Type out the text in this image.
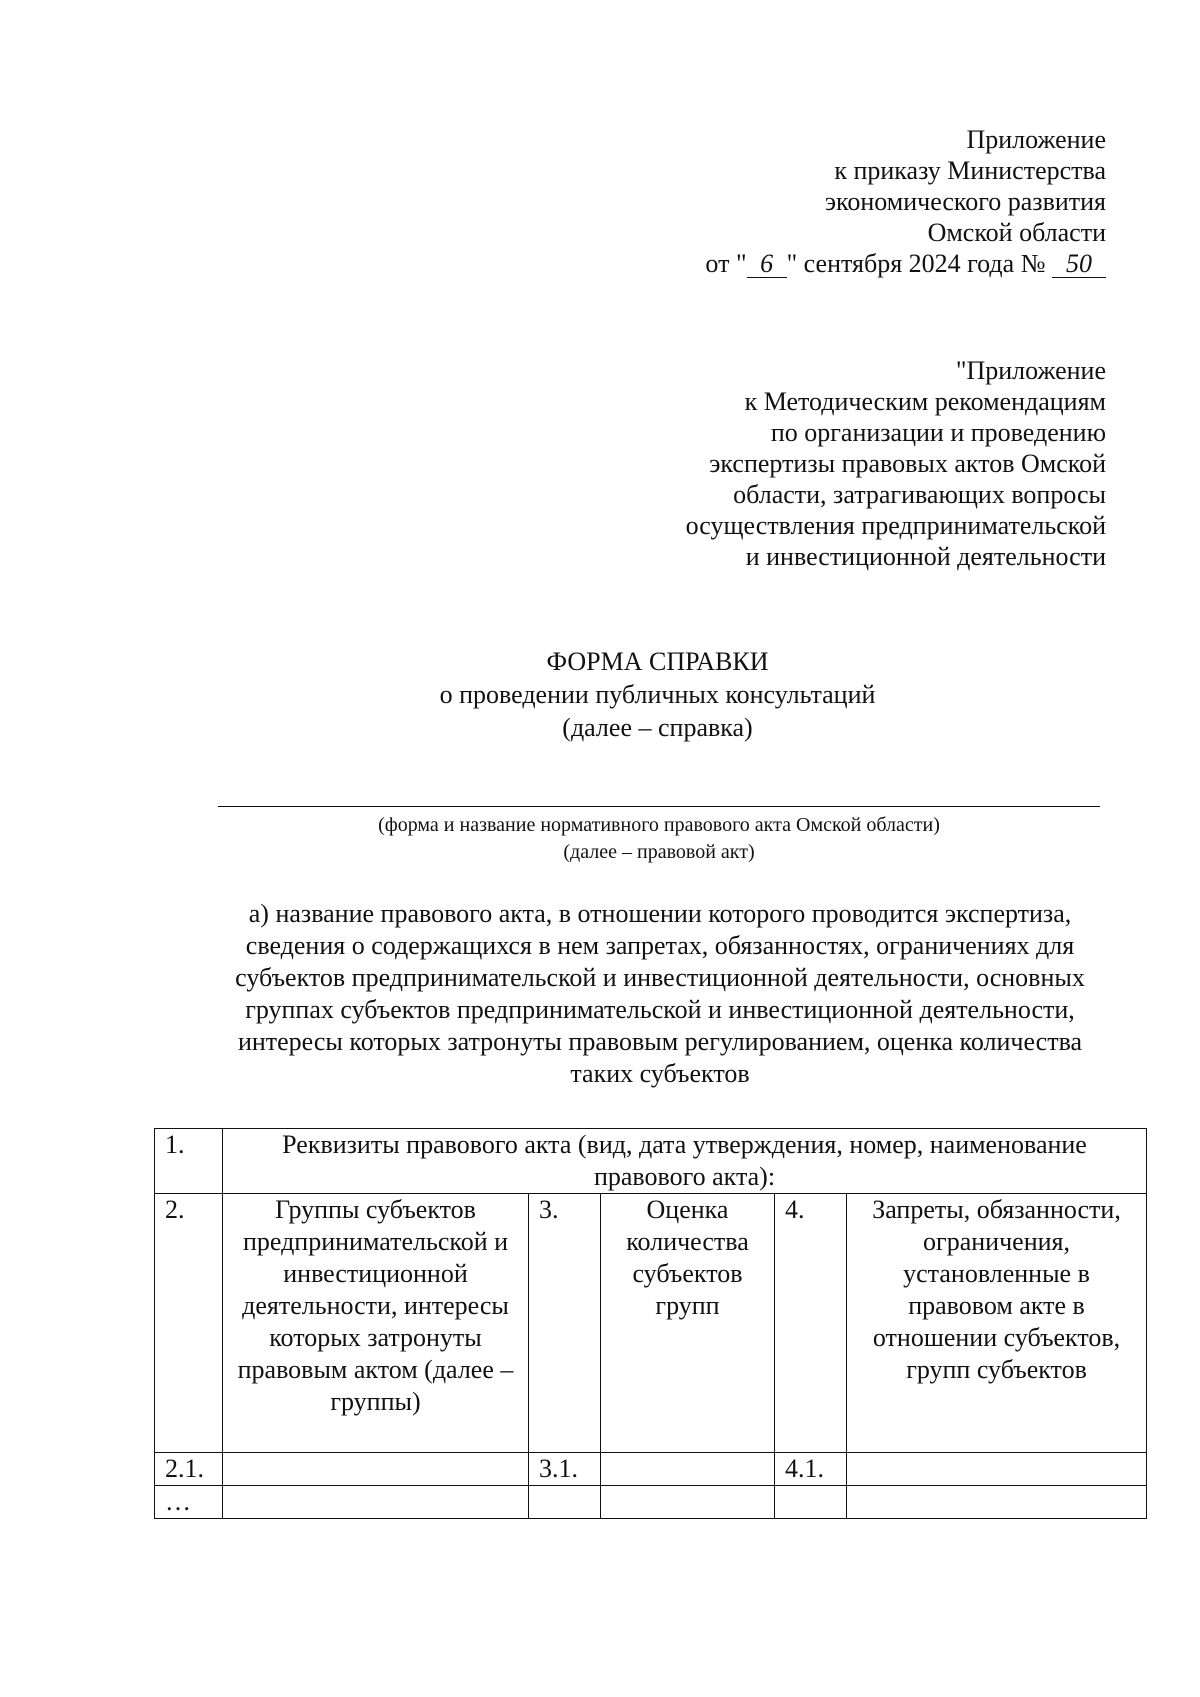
Приложение
к приказу Министерства
экономического развития
Омской области
от " 6 " сентября 2024 года № 50
"Приложение
к Методическим рекомендациям
по организации и проведению
экспертизы правовых актов Омской
области, затрагивающих вопросы
осуществления предпринимательской
и инвестиционной деятельности
ФОРМА СПРАВКИ
о проведении публичных консультаций
(далее – справка)
(форма и название нормативного правового акта Омской области)
(далее – правовой акт)
а) название правового акта, в отношении которого проводится экспертиза,
сведения о содержащихся в нем запретах, обязанностях, ограничениях для
субъектов предпринимательской и инвестиционной деятельности, основных
группах субъектов предпринимательской и инвестиционной деятельности,
интересы которых затронуты правовым регулированием, оценка количества
таких субъектов
1.	Реквизиты правового акта (вид, дата утверждения, номер, наименование правового акта):				
2.	Группы субъектов предпринимательской и инвестиционной деятельности, интересы которых затронуты правовым актом (далее – группы)	3.	Оценка количества субъектов групп	4.	Запреты, обязанности, ограничения, установленные в правовом акте в отношении субъектов, групп субъектов
2.1.		3.1.		4.1.	
…					
